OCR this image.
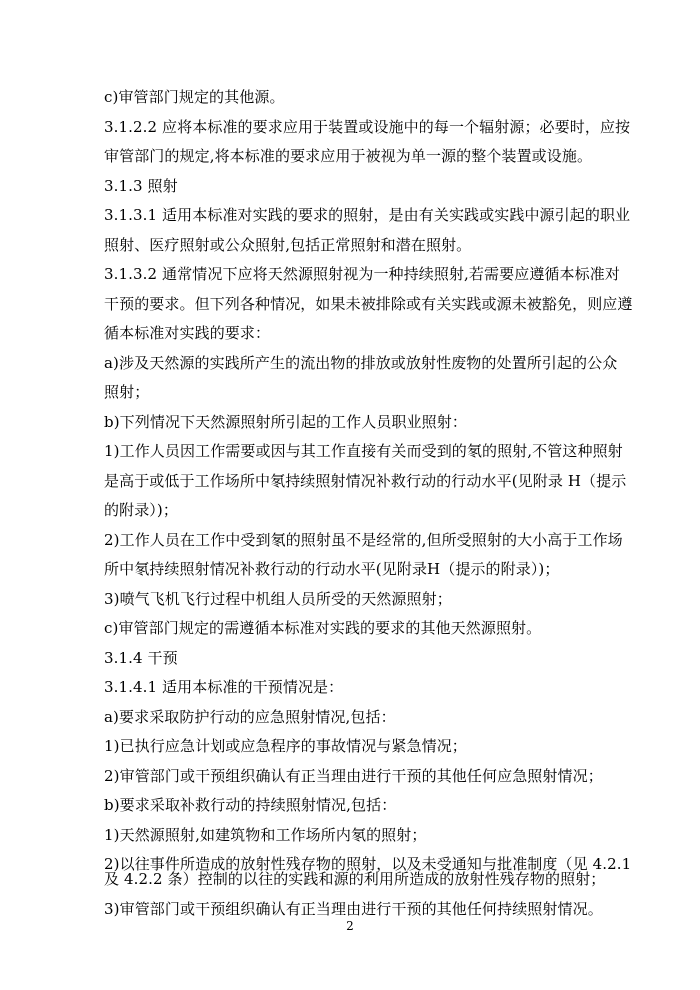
c)审管部门规定的其他源。
3.1.2.2 应将本标准的要求应用于装置或设施中的每一个辐射源；必要时，应按
审管部门的规定,将本标准的要求应用于被视为单一源的整个装置或设施。
3.1.3 照射
3.1.3.1 适用本标准对实践的要求的照射，是由有关实践或实践中源引起的职业
照射、医疗照射或公众照射,包括正常照射和潜在照射。
3.1.3.2 通常情况下应将天然源照射视为一种持续照射,若需要应遵循本标准对
干预的要求。但下列各种情况，如果未被排除或有关实践或源未被豁免，则应遵
循本标准对实践的要求：
a)涉及天然源的实践所产生的流出物的排放或放射性废物的处置所引起的公众
照射；
b)下列情况下天然源照射所引起的工作人员职业照射：
1)工作人员因工作需要或因与其工作直接有关而受到的氡的照射,不管这种照射
是高于或低于工作场所中氡持续照射情况补救行动的行动水平(见附录 H（提示
的附录）)；
2)工作人员在工作中受到氡的照射虽不是经常的,但所受照射的大小高于工作场
所中氡持续照射情况补救行动的行动水平(见附录H（提示的附录）)；
3)喷气飞机飞行过程中机组人员所受的天然源照射；
c)审管部门规定的需遵循本标准对实践的要求的其他天然源照射。
3.1.4 干预
3.1.4.1 适用本标准的干预情况是：
a)要求采取防护行动的应急照射情况,包括：
1)已执行应急计划或应急程序的事故情况与紧急情况；
2)审管部门或干预组织确认有正当理由进行干预的其他任何应急照射情况；
b)要求采取补救行动的持续照射情况,包括：
1)天然源照射,如建筑物和工作场所内氡的照射；
2)以往事件所造成的放射性残存物的照射，以及未受通知与批准制度（见 4.2.1
及 4.2.2 条）控制的以往的实践和源的利用所造成的放射性残存物的照射；
3)审管部门或干预组织确认有正当理由进行干预的其他任何持续照射情况。
2
